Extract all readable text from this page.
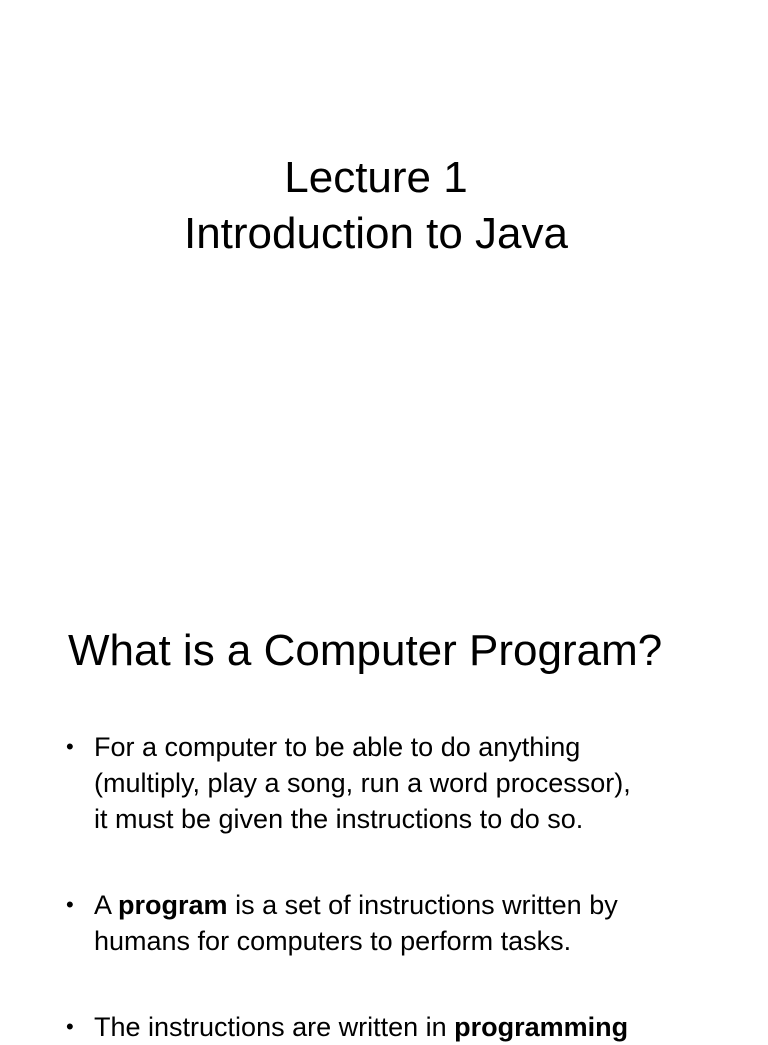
Lecture 1
Introduction to Java
What is a Computer Program?
• For a computer to be able to do anything
(multiply, play a song, run a word processor),
it must be given the instructions to do so.
• A program is a set of instructions written by
humans for computers to perform tasks.
• The instructions are written in programming
